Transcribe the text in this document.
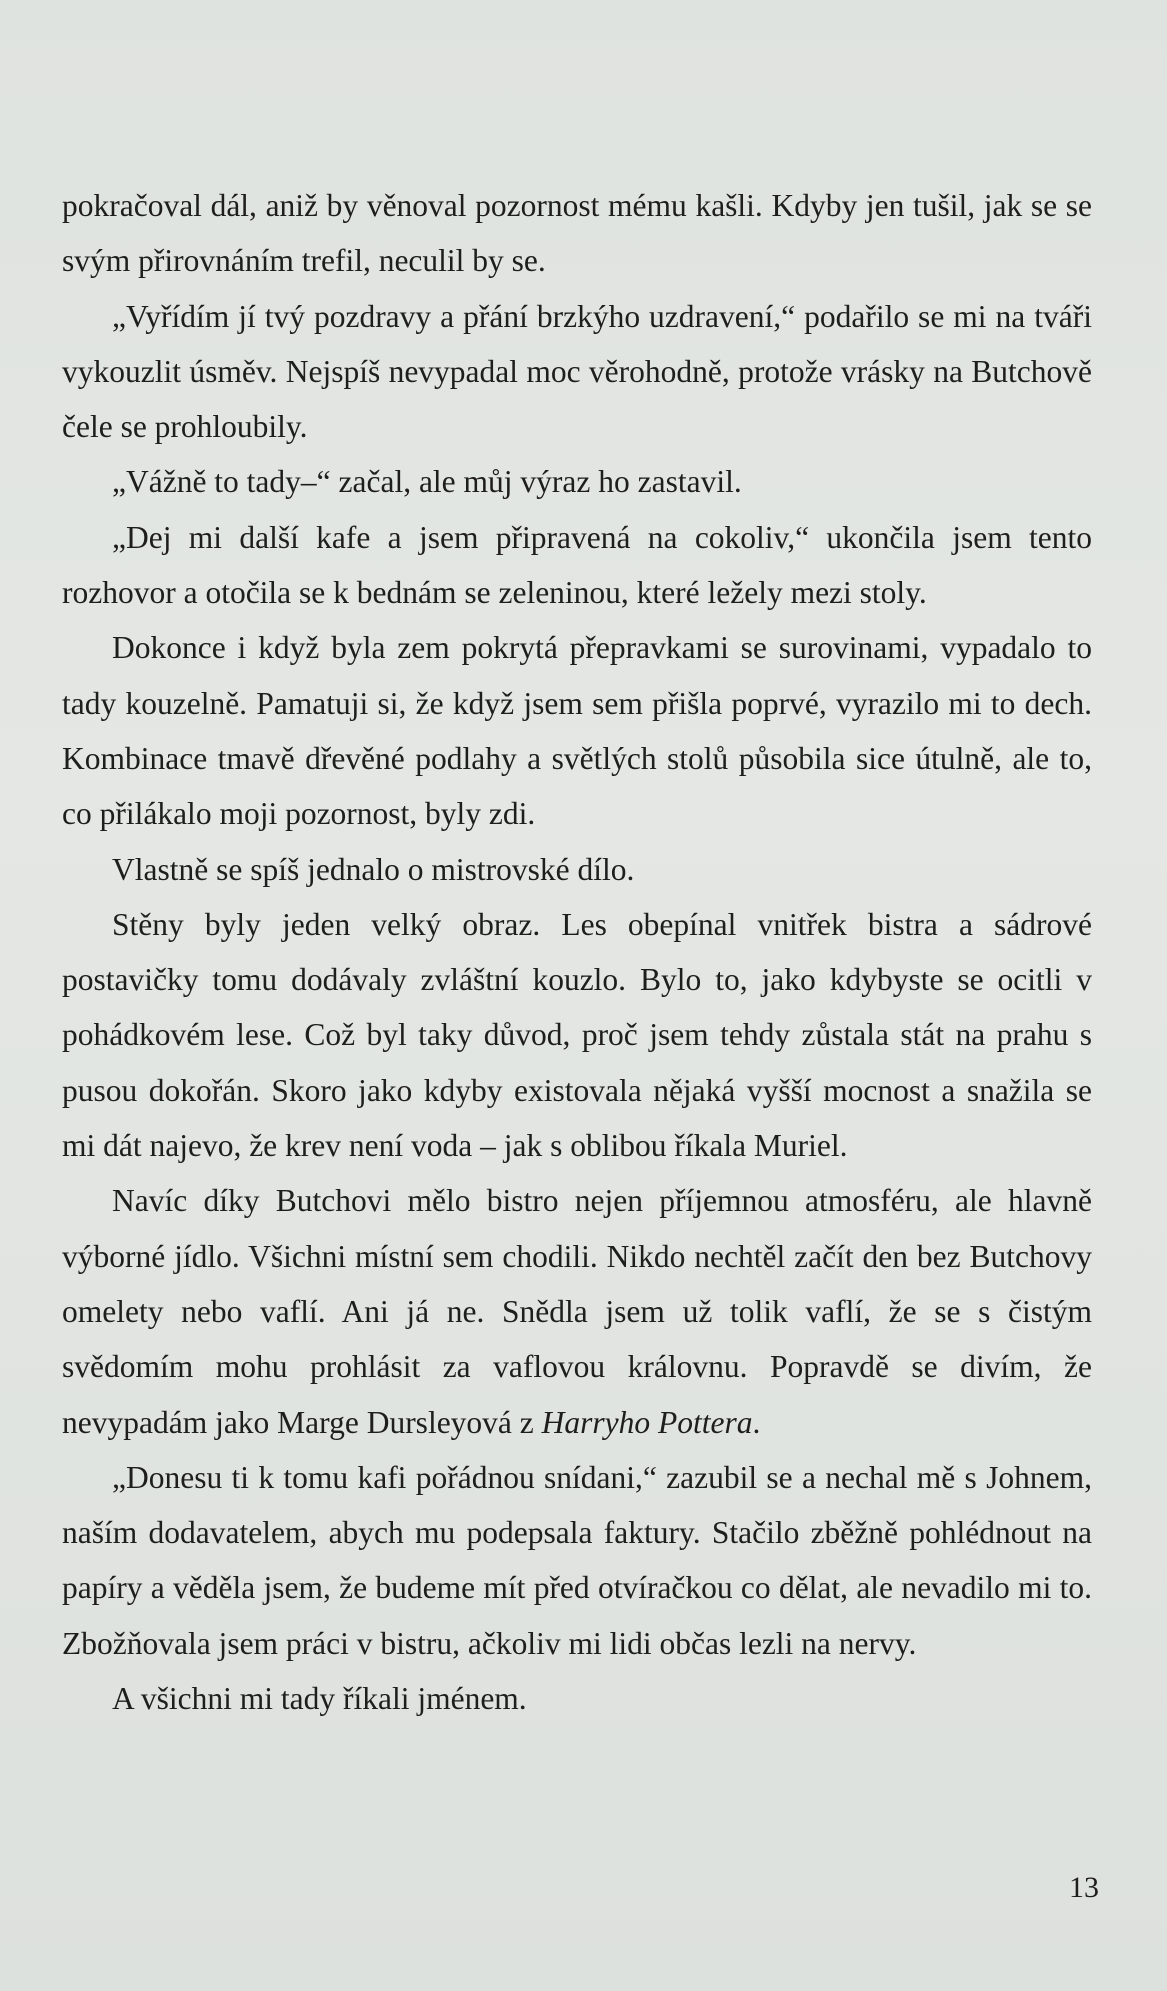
pokračoval dál, aniž by věnoval pozornost mému kašli. Kdyby jen tušil, jak se se svým přirovnáním trefil, neculil by se.

„Vyřídím jí tvý pozdravy a přání brzkýho uzdravení,“ podařilo se mi na tváři vykouzlit úsměv. Nejspíš nevypadal moc věrohodně, protože vrásky na Butchově čele se prohloubily.

„Vážně to tady–“ začal, ale můj výraz ho zastavil.

„Dej mi další kafe a jsem připravená na cokoliv,“ ukončila jsem tento rozhovor a otočila se k bednám se zeleninou, které ležely mezi stoly.

Dokonce i když byla zem pokrytá přepravkami se surovinami, vypadalo to tady kouzelně. Pamatuji si, že když jsem sem přišla poprvé, vyrazilo mi to dech. Kombinace tmavě dřevěné podlahy a světlých stolů působila sice útulně, ale to, co přilákalo moji pozornost, byly zdi.

Vlastně se spíš jednalo o mistrovské dílo.

Stěny byly jeden velký obraz. Les obepínal vnitřek bistra a sádrové postavičky tomu dodávaly zvláštní kouzlo. Bylo to, jako kdybyste se ocitli v pohádkovém lese. Což byl taky důvod, proč jsem tehdy zůstala stát na prahu s pusou dokořán. Skoro jako kdyby existovala nějaká vyšší mocnost a snažila se mi dát najevo, že krev není voda – jak s oblibou říkala Muriel.

Navíc díky Butchovi mělo bistro nejen příjemnou atmosféru, ale hlavně výborné jídlo. Všichni místní sem chodili. Nikdo nechtěl začít den bez Butchovy omelety nebo vaflí. Ani já ne. Snědla jsem už tolik vaflí, že se s čistým svědomím mohu prohlásit za vaflovou královnu. Popravdě se divím, že nevypadám jako Marge Dursleyová z Harryho Pottera.

„Donesu ti k tomu kafi pořádnou snídani,“ zazubil se a nechal mě s Johnem, naším dodavatelem, abych mu podepsala faktury. Stačilo zběžně pohlédnout na papíry a věděla jsem, že budeme mít před otvíračkou co dělat, ale nevadilo mi to. Zbožňovala jsem práci v bistru, ačkoliv mi lidi občas lezli na nervy.

A všichni mi tady říkali jménem.

13
